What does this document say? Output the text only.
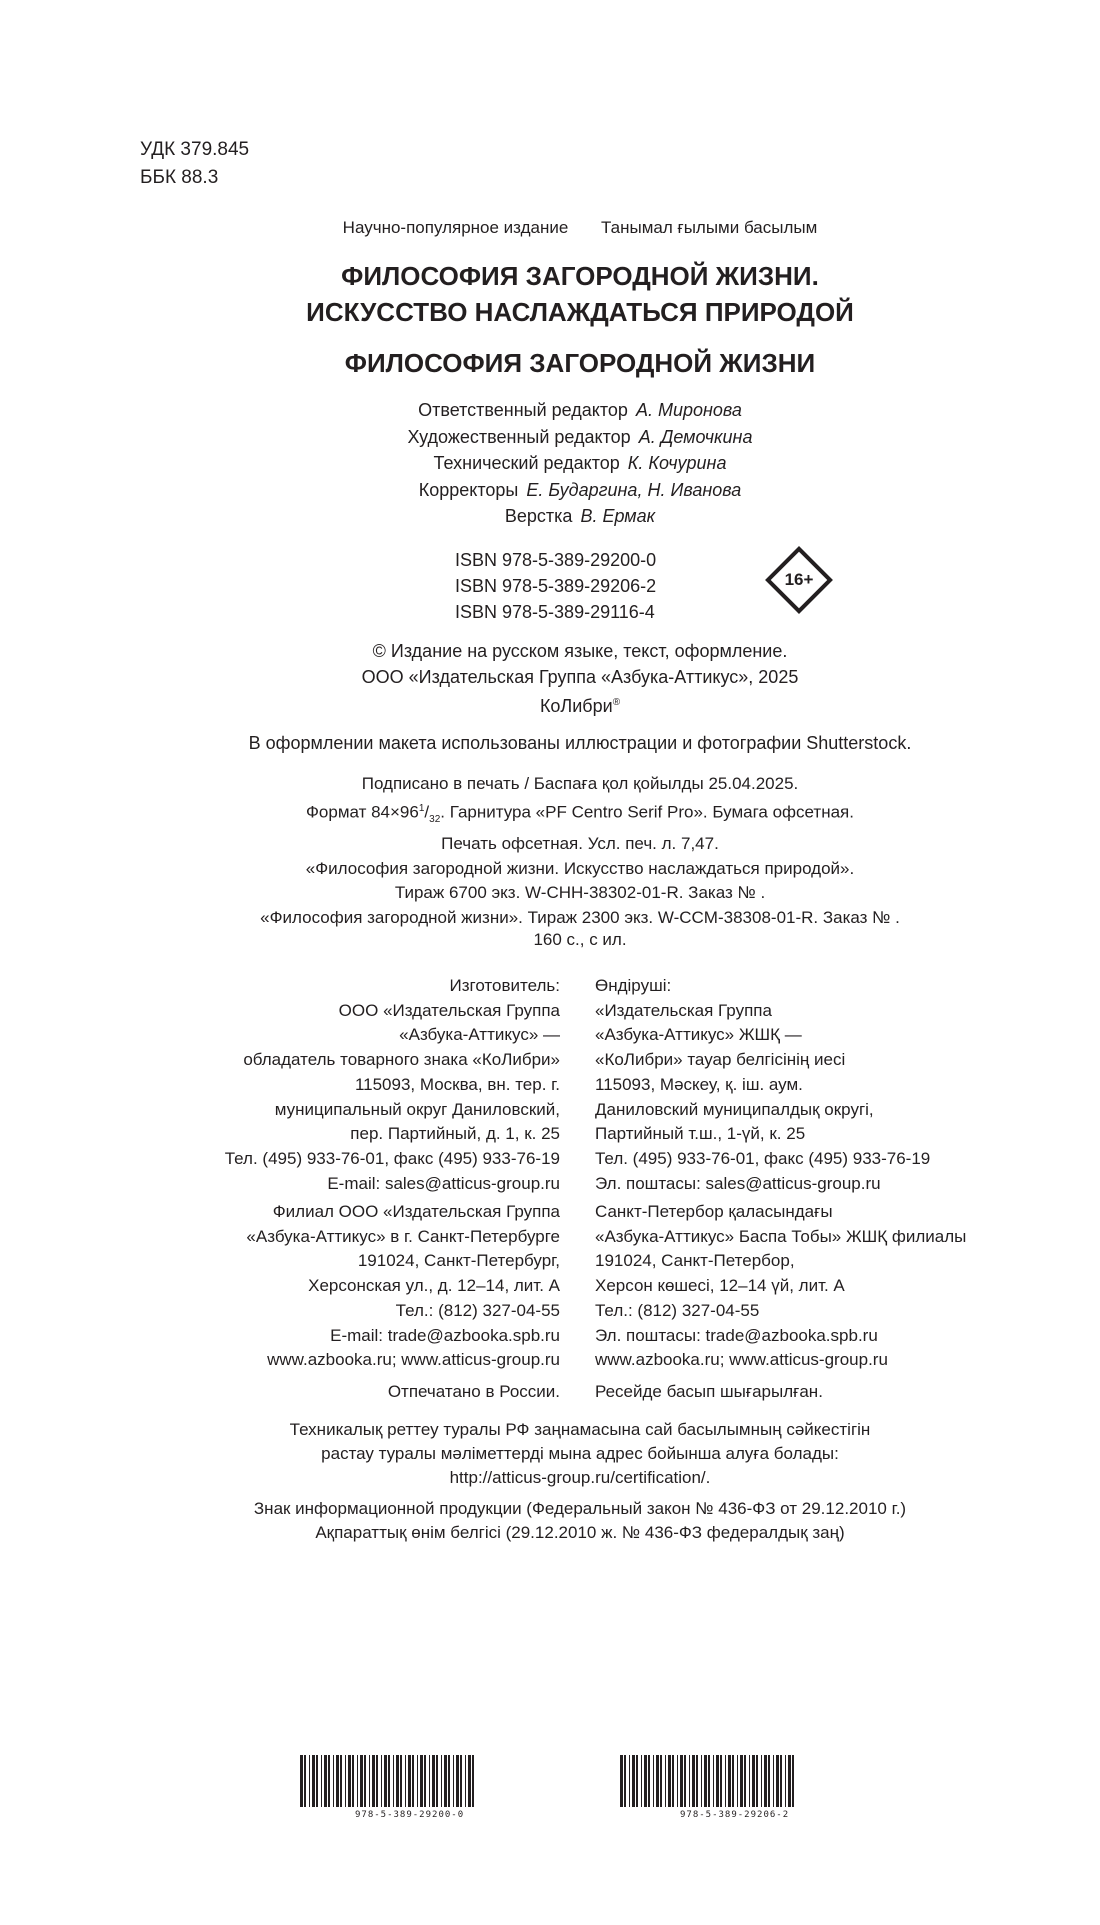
УДК 379.845
ББК 88.3
Научно-популярное издание Танымал ғылыми басылым
ФИЛОСОФИЯ ЗАГОРОДНОЙ ЖИЗНИ.
ИСКУССТВО НАСЛАЖДАТЬСЯ ПРИРОДОЙ
ФИЛОСОФИЯ ЗАГОРОДНОЙ ЖИЗНИ
Ответственный редактор А. Миронова
Художественный редактор А. Демочкина
Технический редактор К. Кочурина
Корректоры Е. Бударгина, Н. Иванова
Верстка В. Ермак
ISBN 978-5-389-29200-0
ISBN 978-5-389-29206-2
ISBN 978-5-389-29116-4
16+
© Издание на русском языке, текст, оформление.
ООО «Издательская Группа «Азбука-Аттикус», 2025
КоЛибри®
В оформлении макета использованы иллюстрации и фотографии Shutterstock.
Подписано в печать / Баспаға қол қойылды 25.04.2025.
Формат $84\times 96^1/_{32}$. Гарнитура «PF Centro Serif Pro». Бумага офсетная.
Печать офсетная. Усл. печ. л. 7,47.
«Философия загородной жизни. Искусство наслаждаться природой».
Тираж 6700 экз. W-CHH-38302-01-R. Заказ № .
«Философия загородной жизни». Тираж 2300 экз. W-CCM-38308-01-R. Заказ № .
160 с., с ил.
Изготовитель:
ООО «Издательская Группа
«Азбука-Аттикус» —
обладатель товарного знака «КоЛибри»
115093, Москва, вн. тер. г.
муниципальный округ Даниловский,
пер. Партийный, д. 1, к. 25
Тел. (495) 933-76-01, факс (495) 933-76-19
E-mail: sales@atticus-group.ru
Өндіруші:
«Издательская Группа
«Азбука-Аттикус» ЖШҚ —
«КоЛибри» тауар белгісінің иесі
115093, Мәскеу, қ. іш. аум.
Даниловский муниципалдық округі,
Партийный т.ш., 1-үй, к. 25
Тел. (495) 933-76-01, факс (495) 933-76-19
Эл. поштасы: sales@atticus-group.ru
Филиал ООО «Издательская Группа
«Азбука-Аттикус» в г. Санкт-Петербурге
191024, Санкт-Петербург,
Херсонская ул., д. 12–14, лит. А
Тел.: (812) 327-04-55
E-mail: trade@azbooka.spb.ru
Санкт-Петербор қаласындағы
«Азбука-Аттикус» Баспа Тобы» ЖШҚ филиалы
191024, Санкт-Петербор,
Херсон көшесі, 12–14 үй, лит. А
Тел.: (812) 327-04-55
Эл. поштасы: trade@azbooka.spb.ru
www.azbooka.ru; www.atticus-group.ru www.azbooka.ru; www.atticus-group.ru
Отпечатано в России. Ресейде басып шығарылған.
Техникалық реттеу туралы РФ заңнамасына сай басылымның сәйкестігін
растау туралы мәліметтерді мына адрес бойынша алуға болады:
http://atticus-group.ru/certification/.
Знак информационной продукции (Федеральный закон № 436-ФЗ от 29.12.2010 г.)
Ақпараттық өнім белгісі (29.12.2010 ж. № 436-ФЗ федералдық заң)
978-5-389-29200-0	978-5-389-29206-2
